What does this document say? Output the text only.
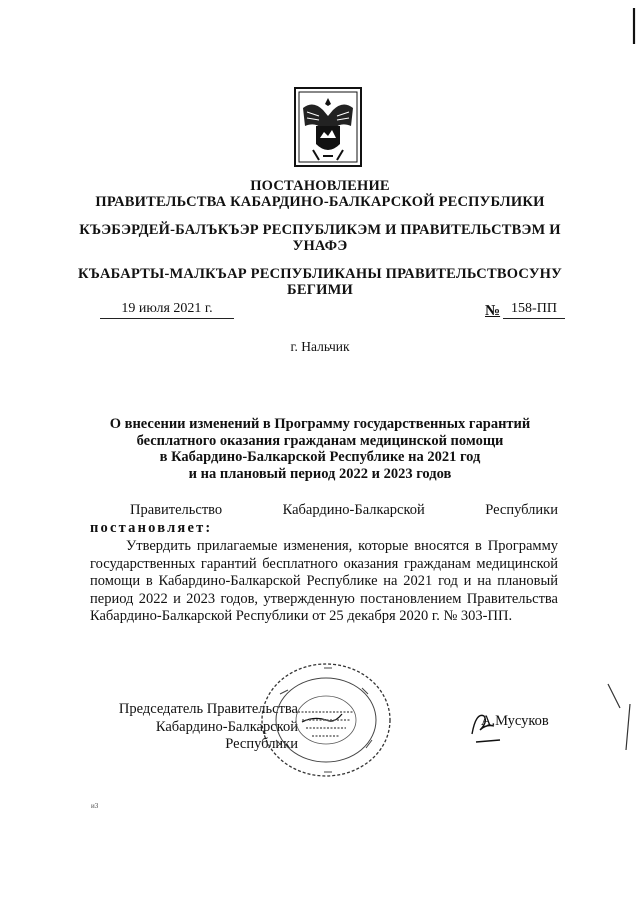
ПОСТАНОВЛЕНИЕ
ПРАВИТЕЛЬСТВА КАБАРДИНО-БАЛКАРСКОЙ РЕСПУБЛИКИ
КЪЭБЭРДЕЙ-БАЛЪКЪЭР РЕСПУБЛИКЭМ И ПРАВИТЕЛЬСТВЭМ И
УНАФЭ
КЪАБАРТЫ-МАЛКЪАР РЕСПУБЛИКАНЫ ПРАВИТЕЛЬСТВОСУНУ
БЕГИМИ
19 июля 2021 г.	№ 158-ПП
г. Нальчик
О внесении изменений в Программу государственных гарантий
бесплатного оказания гражданам медицинской помощи
в Кабардино-Балкарской Республике на 2021 год
и на плановый период 2022 и 2023 годов
Правительство     Кабардино-Балкарской     Республики
постановляет:
Утвердить прилагаемые изменения, которые вносятся в Программу государственных гарантий бесплатного оказания гражданам медицинской помощи в Кабардино-Балкарской Республике на 2021 год и на плановый период 2022 и 2023 годов, утвержденную постановлением Правительства Кабардино-Балкарской Республики от 25 декабря 2020 г. № 303-ПП.
Председатель Правительства
Кабардино-Балкарской Республики
А.Мусуков
и3
